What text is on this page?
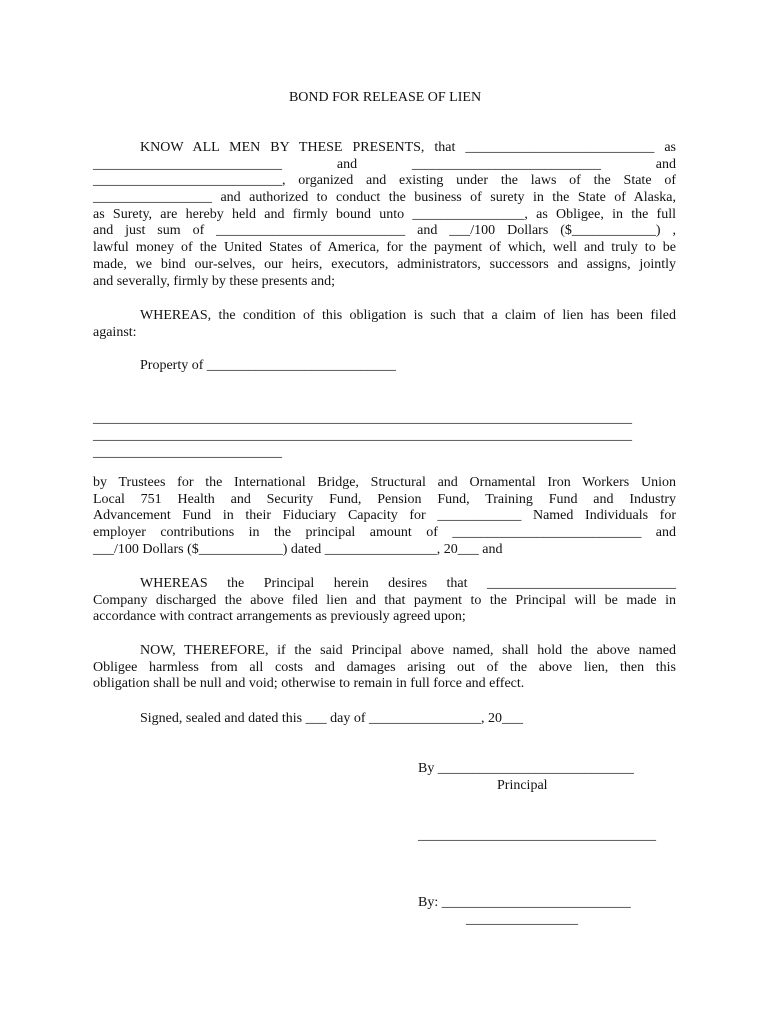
BOND FOR RELEASE OF LIEN
KNOW ALL MEN BY THESE PRESENTS, that ___________________________ as
___________________________ and ___________________________ and
___________________________, organized and existing under the laws of the State of
_________________ and authorized to conduct the business of surety in the State of Alaska,
as Surety, are hereby held and firmly bound unto ________________, as Obligee, in the full
and just sum of ___________________________ and ___/100 Dollars ($____________) ,
lawful money of the United States of America, for the payment of which, well and truly to be
made, we bind our-selves, our heirs, executors, administrators, successors and assigns, jointly
and severally, firmly by these presents and;
WHEREAS, the condition of this obligation is such that a claim of lien has been filed
against:
Property of ___________________________
_____________________________________________________________________________
_____________________________________________________________________________
___________________________
by Trustees for the International Bridge, Structural and Ornamental Iron Workers Union
Local 751 Health and Security Fund, Pension Fund, Training Fund and Industry
Advancement Fund in their Fiduciary Capacity for ____________ Named Individuals for
employer contributions in the principal amount of ___________________________ and
___/100 Dollars ($____________) dated ________________, 20___ and
WHEREAS the Principal herein desires that ___________________________
Company discharged the above filed lien and that payment to the Principal will be made in
accordance with contract arrangements as previously agreed upon;
NOW, THEREFORE, if the said Principal above named, shall hold the above named
Obligee harmless from all costs and damages arising out of the above lien, then this
obligation shall be null and void; otherwise to remain in full force and effect.
Signed, sealed and dated this ___ day of ________________, 20___
By ____________________________
Principal
__________________________________
By: ___________________________
________________
